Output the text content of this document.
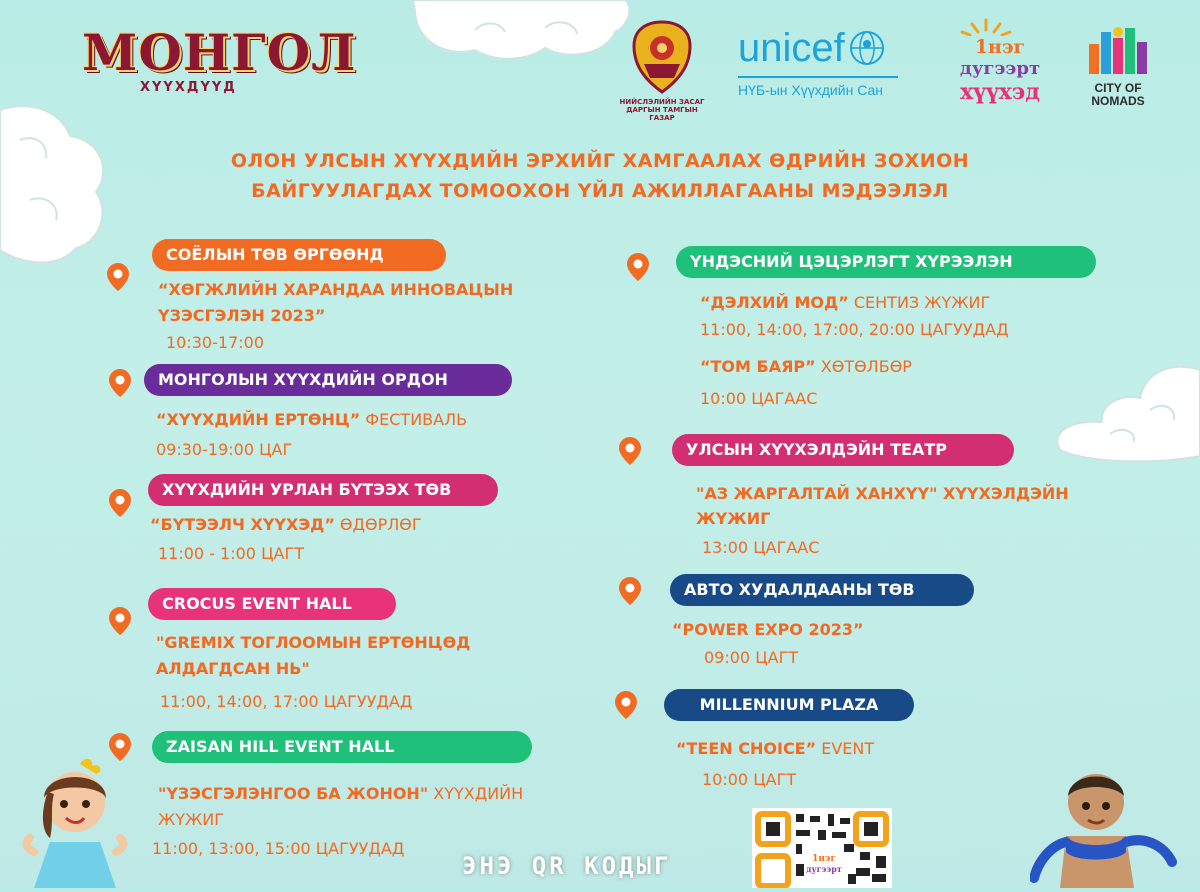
МОНГОЛ
ХҮҮХДҮҮД
НИЙСЛЭЛИЙН ЗАСАГ ДАРГЫН ТАМГЫН ГАЗАР
unicef
НҮБ-ын Хүүхдийн Сан
1нэг
дугээрт
хүүхэд	CITY OF
NOMADS
ОЛОН УЛСЫН ХҮҮХДИЙН ЭРХИЙГ ХАМГААЛАХ ӨДРИЙН ЗОХИОН
БАЙГУУЛАГДАХ ТОМООХОН ҮЙЛ АЖИЛЛАГААНЫ МЭДЭЭЛЭЛ
СОЁЛЫН ТӨВ ӨРГӨӨНД
“ХӨГЖЛИЙН ХАРАНДАА ИННОВАЦЫН
ҮЗЭСГЭЛЭН 2023”
10:30-17:00
МОНГОЛЫН ХҮҮХДИЙН ОРДОН
“ХҮҮХДИЙН ЕРТӨНЦ” ФЕСТИВАЛЬ
09:30-19:00 ЦАГ
ХҮҮХДИЙН УРЛАН БҮТЭЭХ ТӨВ
“БҮТЭЭЛЧ ХҮҮХЭД” ӨДӨРЛӨГ
11:00 - 1:00 ЦАГТ
CROCUS EVENT HALL
"GREMIX ТОГЛООМЫН ЕРТӨНЦӨД
АЛДАГДСАН НЬ"
11:00, 14:00, 17:00 ЦАГУУДАД
ZAISAN HILL EVENT HALL
"ҮЗЭСГЭЛЭНГОО БА ЖОНОН" ХҮҮХДИЙН
ЖҮЖИГ
11:00, 13:00, 15:00 ЦАГУУДАД
ҮНДЭСНИЙ ЦЭЦЭРЛЭГТ ХҮРЭЭЛЭН
“ДЭЛХИЙ МОД” СЕНТИЗ ЖҮЖИГ
11:00, 14:00, 17:00, 20:00 ЦАГУУДАД
“ТОМ БАЯР” ХӨТӨЛБӨР
10:00 ЦАГААС
УЛСЫН ХҮҮХЭЛДЭЙН ТЕАТР
"АЗ ЖАРГАЛТАЙ ХАНХҮҮ" ХҮҮХЭЛДЭЙН
ЖҮЖИГ
13:00 ЦАГААС
АВТО ХУДАЛДААНЫ ТӨВ
“POWER EXPO 2023”
09:00 ЦАГТ
MILLENNIUM PLAZA
“TEEN CHOICE” EVENT
10:00 ЦАГТ
ЭНЭ QR КОДЫГ	1нэг
дугээрт
